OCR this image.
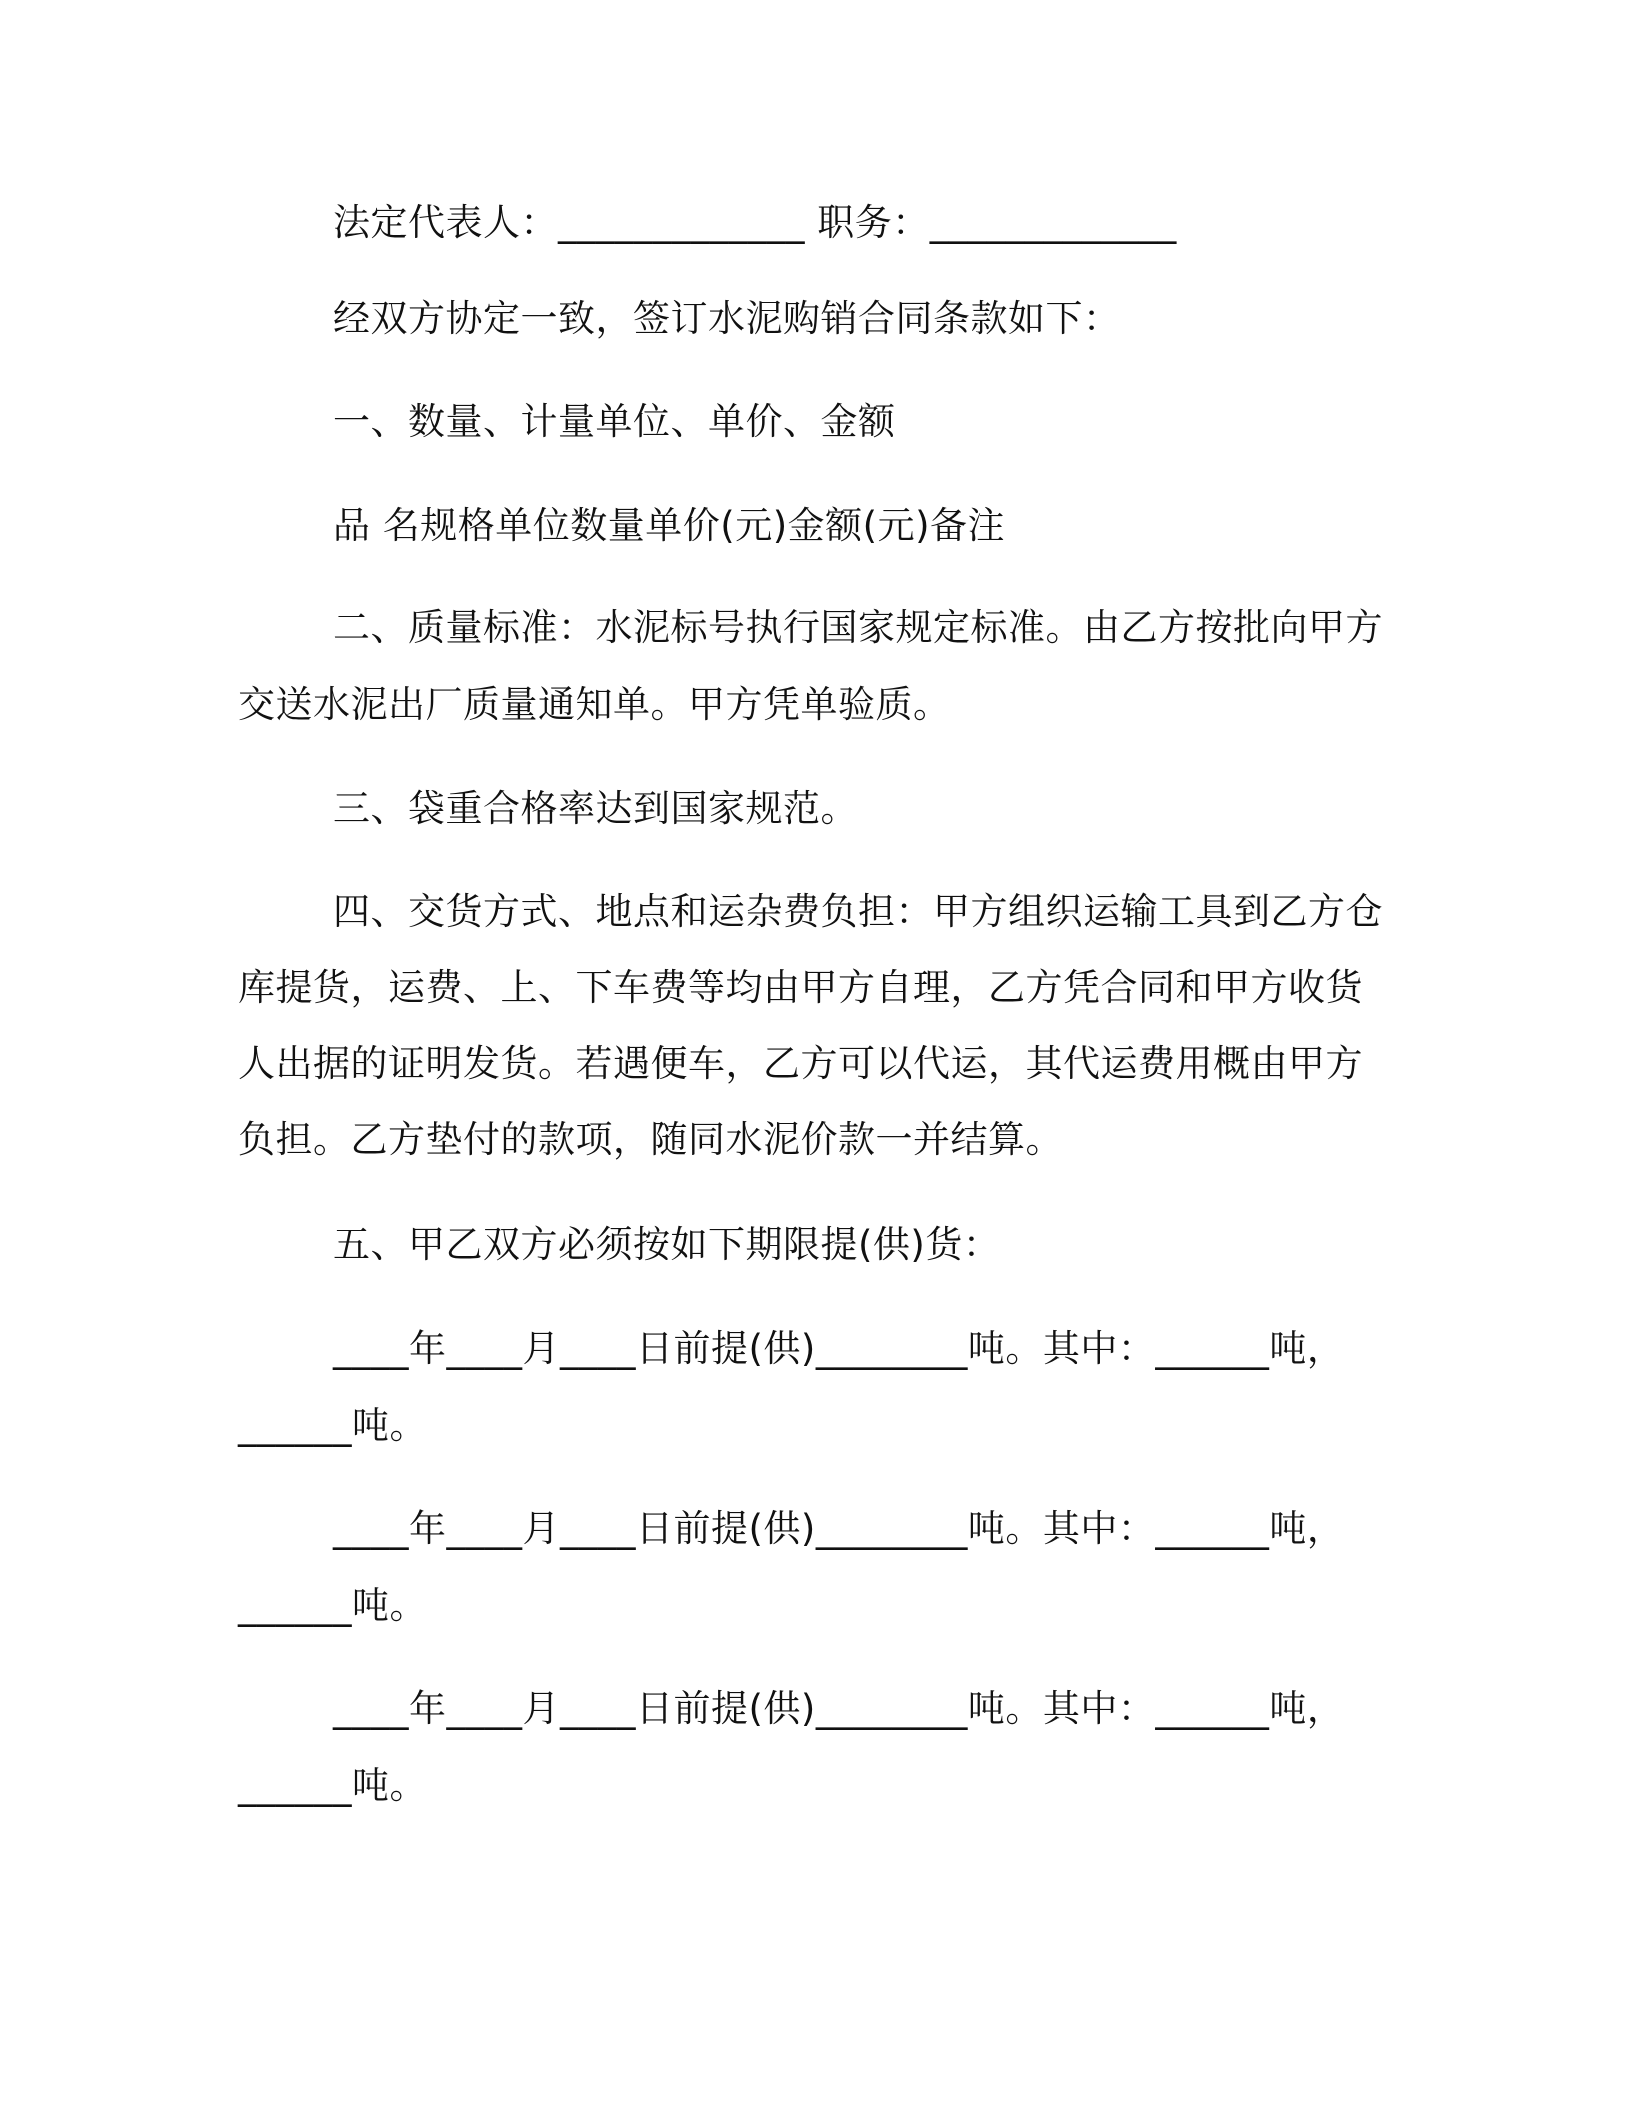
法定代表人：_____________ 职务：_____________
经双方协定一致，签订水泥购销合同条款如下：
一、数量、计量单位、单价、金额
品 名规格单位数量单价(元)金额(元)备注
二、质量标准：水泥标号执行国家规定标准。由乙方按批向甲方
交送水泥出厂质量通知单。甲方凭单验质。
三、袋重合格率达到国家规范。
四、交货方式、地点和运杂费负担：甲方组织运输工具到乙方仓
库提货，运费、上、下车费等均由甲方自理，乙方凭合同和甲方收货
人出据的证明发货。若遇便车，乙方可以代运，其代运费用概由甲方
负担。乙方垫付的款项，随同水泥价款一并结算。
五、甲乙双方必须按如下期限提(供)货：
____年____月____日前提(供)________吨。其中：______吨，
______吨。
____年____月____日前提(供)________吨。其中：______吨，
______吨。
____年____月____日前提(供)________吨。其中：______吨，
______吨。
